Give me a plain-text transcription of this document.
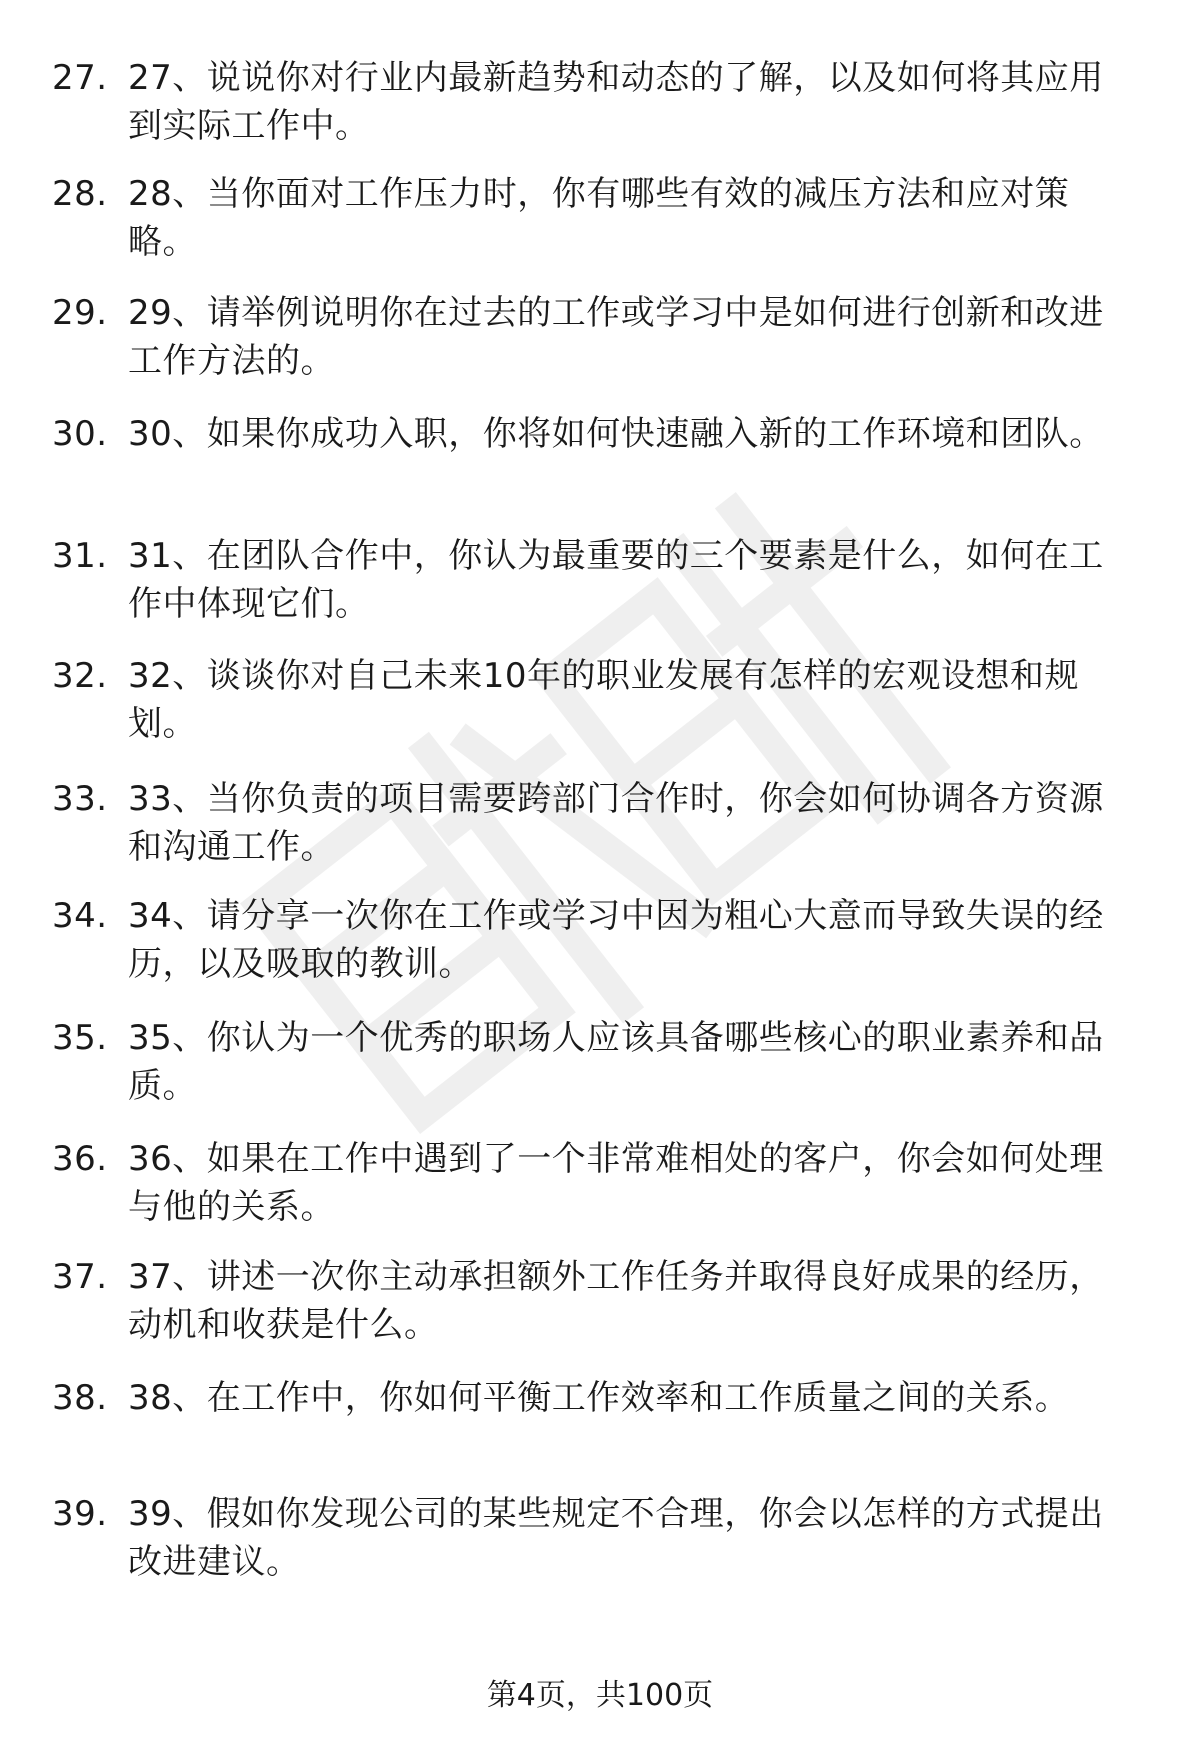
27. 27、说说你对行业内最新趋势和动态的了解，以及如何将其应用到实际工作中。
28. 28、当你面对工作压力时，你有哪些有效的减压方法和应对策略。
29. 29、请举例说明你在过去的工作或学习中是如何进行创新和改进工作方法的。
30. 30、如果你成功入职，你将如何快速融入新的工作环境和团队。
31. 31、在团队合作中，你认为最重要的三个要素是什么，如何在工作中体现它们。
32. 32、谈谈你对自己未来10年的职业发展有怎样的宏观设想和规划。
33. 33、当你负责的项目需要跨部门合作时，你会如何协调各方资源和沟通工作。
34. 34、请分享一次你在工作或学习中因为粗心大意而导致失误的经历，以及吸取的教训。
35. 35、你认为一个优秀的职场人应该具备哪些核心的职业素养和品质。
36. 36、如果在工作中遇到了一个非常难相处的客户，你会如何处理与他的关系。
37. 37、讲述一次你主动承担额外工作任务并取得良好成果的经历，动机和收获是什么。
38. 38、在工作中，你如何平衡工作效率和工作质量之间的关系。
39. 39、假如你发现公司的某些规定不合理，你会以怎样的方式提出改进建议。
第4页，共100页
